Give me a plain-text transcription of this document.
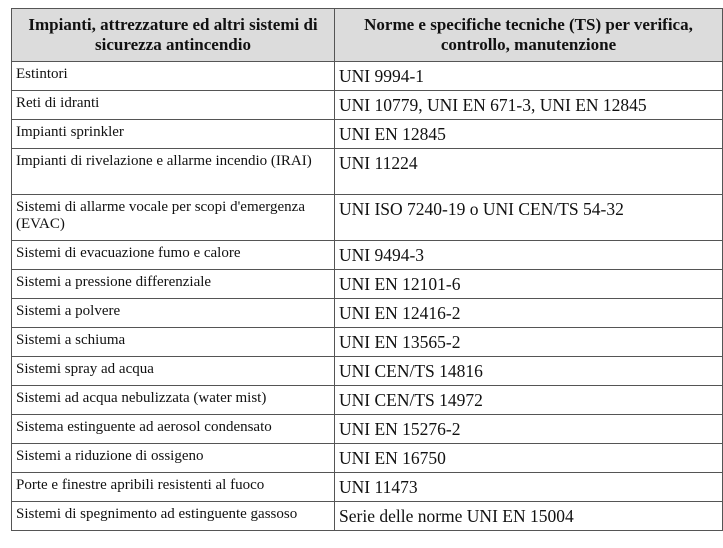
Impianti, attrezzature ed altri sistemi di sicurezza antincendio	Norme e specifiche tecniche (TS) per verifica, controllo, manutenzione
Estintori	UNI 9994-1
Reti di idranti	UNI 10779, UNI EN 671-3, UNI EN 12845
Impianti sprinkler	UNI EN 12845
Impianti di rivelazione e allarme incendio (IRAI)	UNI 11224
Sistemi di allarme vocale per scopi d'emergenza (EVAC)	UNI ISO 7240-19 o UNI CEN/TS 54-32
Sistemi di evacuazione fumo e calore	UNI 9494-3
Sistemi a pressione differenziale	UNI EN 12101-6
Sistemi a polvere	UNI EN 12416-2
Sistemi a schiuma	UNI EN 13565-2
Sistemi spray ad acqua	UNI CEN/TS 14816
Sistemi ad acqua nebulizzata (water mist)	UNI CEN/TS 14972
Sistema estinguente ad aerosol condensato	UNI EN 15276-2
Sistemi a riduzione di ossigeno	UNI EN 16750
Porte e finestre apribili resistenti al fuoco	UNI 11473
Sistemi di spegnimento ad estinguente gassoso	Serie delle norme UNI EN 15004
